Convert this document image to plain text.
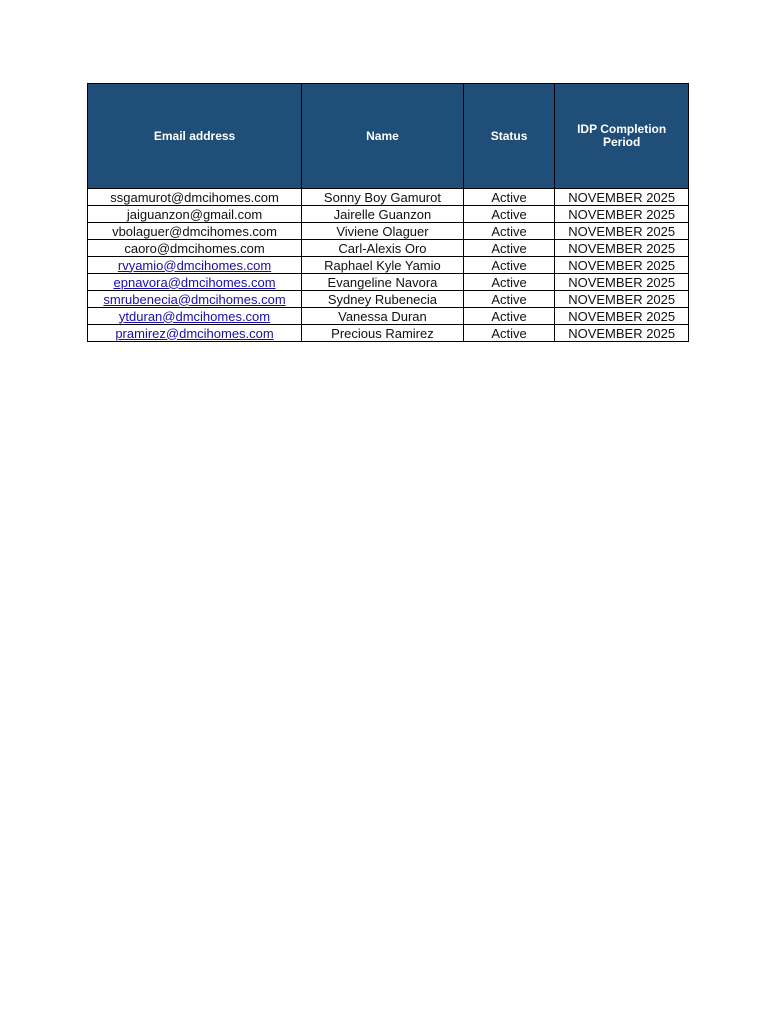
Email address	Name	Status	IDP Completion Period
ssgamurot@dmcihomes.com	Sonny Boy Gamurot	Active	NOVEMBER 2025
jaiguanzon@gmail.com	Jairelle Guanzon	Active	NOVEMBER 2025
vbolaguer@dmcihomes.com	Viviene Olaguer	Active	NOVEMBER 2025
caoro@dmcihomes.com	Carl-Alexis Oro	Active	NOVEMBER 2025
rvyamio@dmcihomes.com	Raphael Kyle Yamio	Active	NOVEMBER 2025
epnavora@dmcihomes.com	Evangeline Navora	Active	NOVEMBER 2025
smrubenecia@dmcihomes.com	Sydney Rubenecia	Active	NOVEMBER 2025
ytduran@dmcihomes.com	Vanessa Duran	Active	NOVEMBER 2025
pramirez@dmcihomes.com	Precious Ramirez	Active	NOVEMBER 2025
